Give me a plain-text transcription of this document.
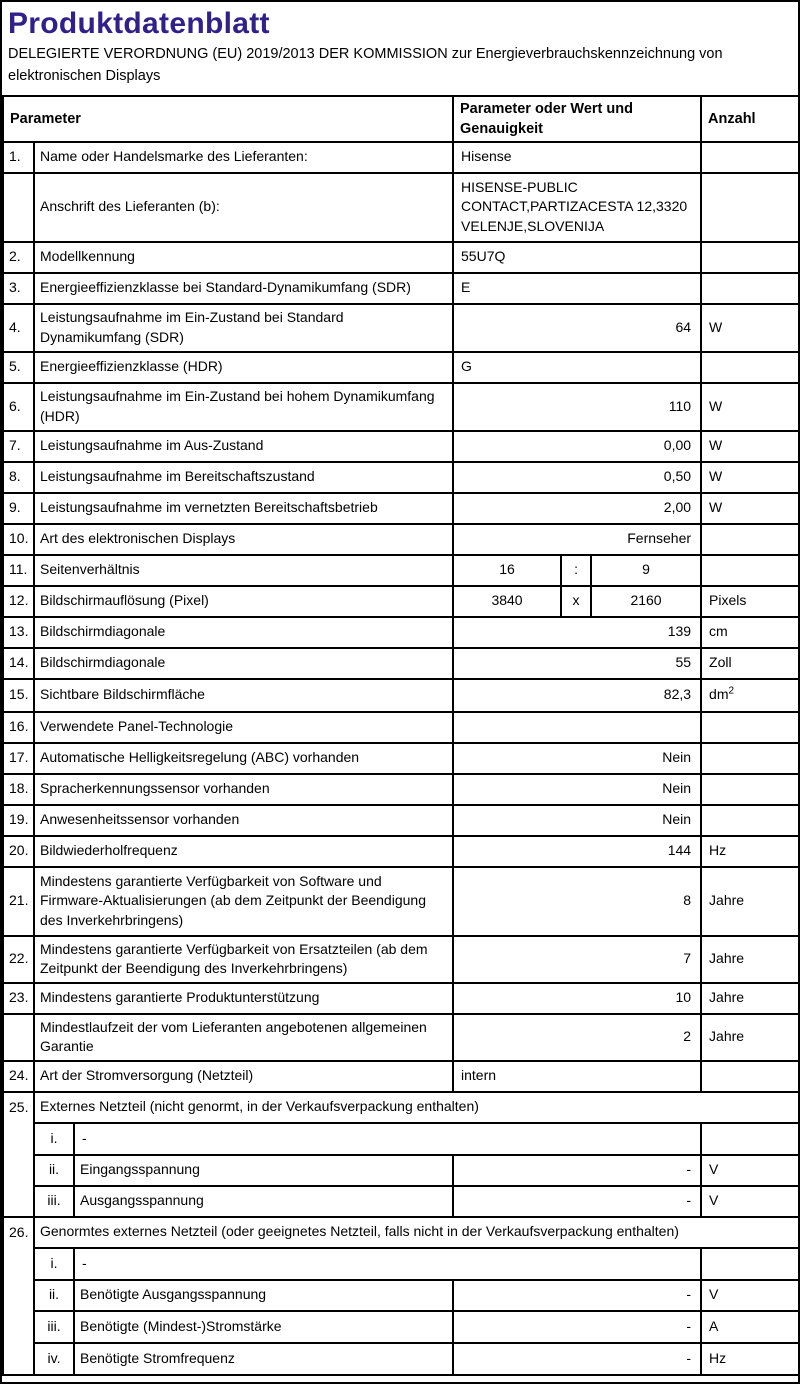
Produktdatenblatt
DELEGIERTE VERORDNUNG (EU) 2019/2013 DER KOMMISSION zur Energieverbrauchskennzeichnung von elektronischen Displays
Parameter			Parameter oder Wert und Genauigkeit			Anzahl
1.	Name oder Handelsmarke des Lieferanten:		Hisense			
	Anschrift des Lieferanten (b):		HISENSE-PUBLIC CONTACT,PARTIZACESTA 12,3320 VELENJE,SLOVENIJA			
2.	Modellkennung		55U7Q			
3.	Energieeffizienzklasse bei Standard-Dynamikumfang (SDR)		E			
4.	Leistungsaufnahme im Ein-Zustand bei Standard Dynamikumfang (SDR)		64			W
5.	Energieeffizienzklasse (HDR)		G			
6.	Leistungsaufnahme im Ein-Zustand bei hohem Dynamikumfang (HDR)		110			W
7.	Leistungsaufnahme im Aus-Zustand		0,00			W
8.	Leistungsaufnahme im Bereitschaftszustand		0,50			W
9.	Leistungsaufnahme im vernetzten Bereitschaftsbetrieb		2,00			W
10.	Art des elektronischen Displays		Fernseher			
11.	Seitenverhältnis		16	:	9	
12.	Bildschirmauflösung (Pixel)		3840	x	2160	Pixels
13.	Bildschirmdiagonale		139			cm
14.	Bildschirmdiagonale		55			Zoll
15.	Sichtbare Bildschirmfläche		82,3			$dm^2$
16.	Verwendete Panel-Technologie					
17.	Automatische Helligkeitsregelung (ABC) vorhanden		Nein			
18.	Spracherkennungssensor vorhanden		Nein			
19.	Anwesenheitssensor vorhanden		Nein			
20.	Bildwiederholfrequenz		144			Hz
21.	Mindestens garantierte Verfügbarkeit von Software und Firmware-Aktualisierungen (ab dem Zeitpunkt der Beendigung des Inverkehrbringens)		8			Jahre
22.	Mindestens garantierte Verfügbarkeit von Ersatzteilen (ab dem Zeitpunkt der Beendigung des Inverkehrbringens)		7			Jahre
23.	Mindestens garantierte Produktunterstützung		10			Jahre
	Mindestlaufzeit der vom Lieferanten angebotenen allgemeinen Garantie		2			Jahre
24.	Art der Stromversorgung (Netzteil)		intern			
25.	Externes Netzteil (nicht genormt, in der Verkaufsverpackung enthalten)					
	i.	-				
	ii.	Eingangsspannung	-			V
	iii.	Ausgangsspannung	-			V
26.	Genormtes externes Netzteil (oder geeignetes Netzteil, falls nicht in der Verkaufsverpackung enthalten)					
	i.	-				
	ii.	Benötigte Ausgangsspannung	-			V
	iii.	Benötigte (Mindest-)Stromstärke	-			A
	iv.	Benötigte Stromfrequenz	-			Hz
